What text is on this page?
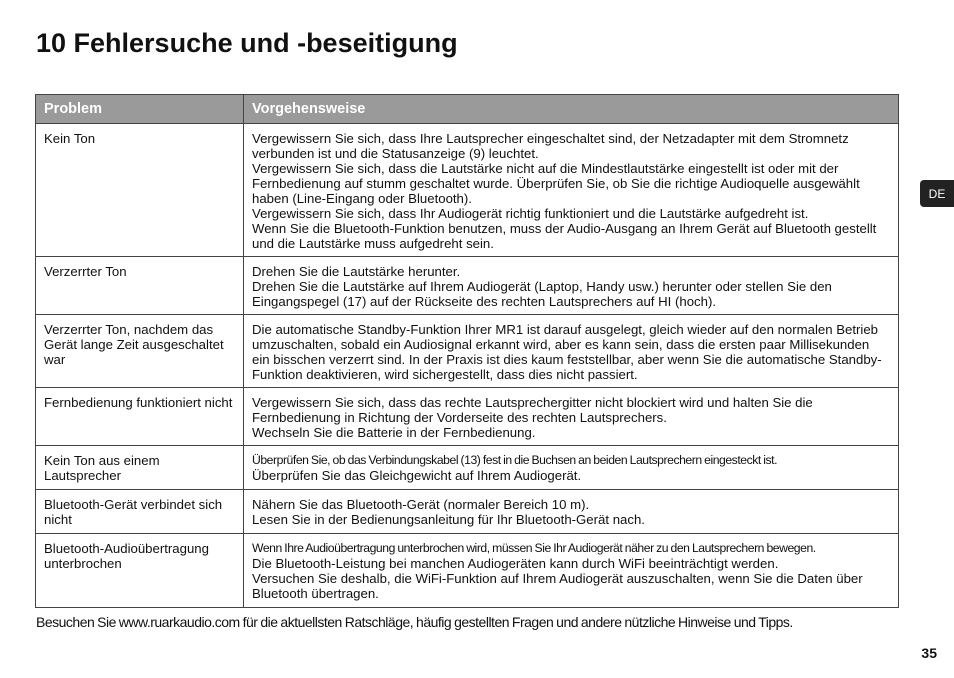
10 Fehlersuche und -beseitigung
DE
Problem	Vorgehensweise
Kein Ton	Vergewissern Sie sich, dass Ihre Lautsprecher eingeschaltet sind, der Netzadapter mit dem Stromnetz verbunden ist und die Statusanzeige (9) leuchtet.
Vergewissern Sie sich, dass die Lautstärke nicht auf die Mindestlautstärke eingestellt ist oder mit der Fernbedienung auf stumm geschaltet wurde. Überprüfen Sie, ob Sie die richtige Audioquelle ausgewählt haben (Line-Eingang oder Bluetooth).
Vergewissern Sie sich, dass Ihr Audiogerät richtig funktioniert und die Lautstärke aufgedreht ist.
Wenn Sie die Bluetooth-Funktion benutzen, muss der Audio-Ausgang an Ihrem Gerät auf Bluetooth gestellt und die Lautstärke muss aufgedreht sein.

Verzerrter Ton	Drehen Sie die Lautstärke herunter.
Drehen Sie die Lautstärke auf Ihrem Audiogerät (Laptop, Handy usw.) herunter oder stellen Sie den Eingangspegel (17) auf der Rückseite des rechten Lautsprechers auf HI (hoch).

Verzerrter Ton, nachdem das Gerät lange Zeit ausgeschaltet war	Die automatische Standby-Funktion Ihrer MR1 ist darauf ausgelegt, gleich wieder auf den normalen Betrieb umzuschalten, sobald ein Audiosignal erkannt wird, aber es kann sein, dass die ersten paar Millisekunden ein bisschen verzerrt sind. In der Praxis ist dies kaum feststellbar, aber wenn Sie die automatische Standby-Funktion deaktivieren, wird sichergestellt, dass dies nicht passiert.

Fernbedienung funktioniert nicht	Vergewissern Sie sich, dass das rechte Lautsprechergitter nicht blockiert wird und halten Sie die Fernbedienung in Richtung der Vorderseite des rechten Lautsprechers.
Wechseln Sie die Batterie in der Fernbedienung.

Kein Ton aus einem Lautsprecher	Überprüfen Sie, ob das Verbindungskabel (13) fest in die Buchsen an beiden Lautsprechern eingesteckt ist.
Überprüfen Sie das Gleichgewicht auf Ihrem Audiogerät.

Bluetooth-Gerät verbindet sich nicht	Nähern Sie das Bluetooth-Gerät (normaler Bereich 10 m).
Lesen Sie in der Bedienungsanleitung für Ihr Bluetooth-Gerät nach.

Bluetooth-Audioübertragung unterbrochen	Wenn Ihre Audioübertragung unterbrochen wird, müssen Sie Ihr Audiogerät näher zu den Lautsprechern bewegen.
Die Bluetooth-Leistung bei manchen Audiogeräten kann durch WiFi beeinträchtigt werden.
Versuchen Sie deshalb, die WiFi-Funktion auf Ihrem Audiogerät auszuschalten, wenn Sie die Daten über Bluetooth übertragen.

Besuchen Sie www.ruarkaudio.com für die aktuellsten Ratschläge, häufig gestellten Fragen und andere nützliche Hinweise und Tipps.

35
